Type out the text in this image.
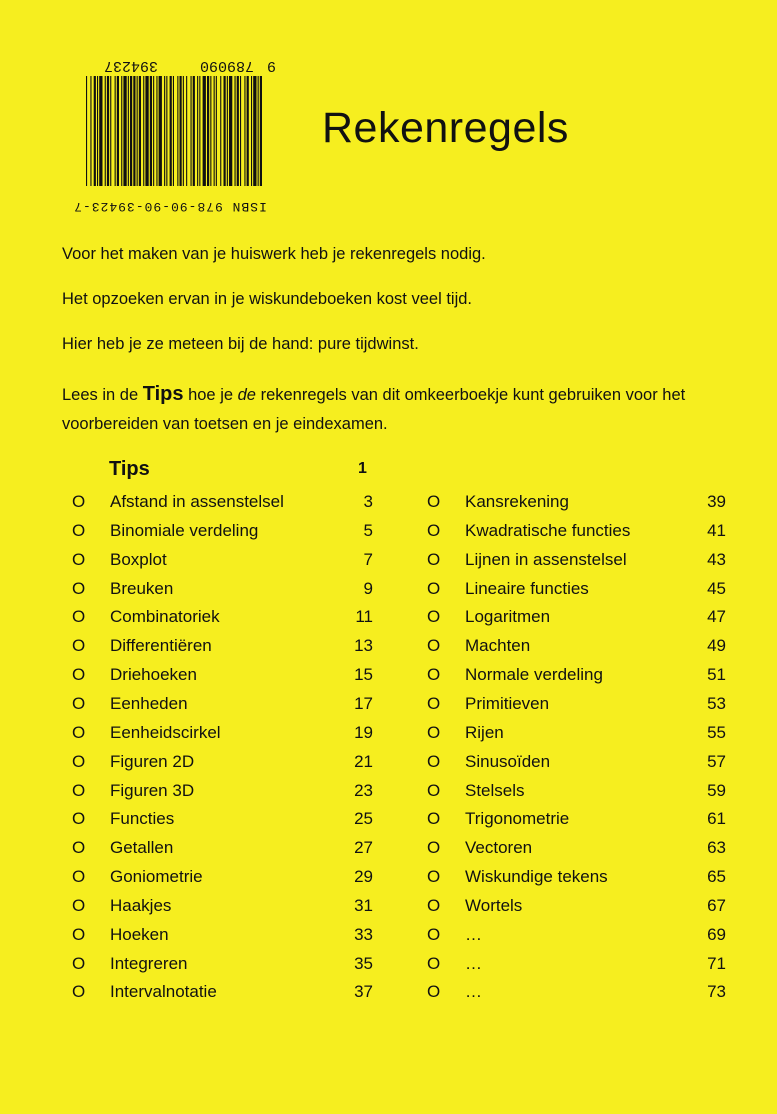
ISBN 978-90-90-39423-7
9
789090
394237
Rekenregels

Voor het maken van je huiswerk heb je rekenregels nodig.

Het opzoeken ervan in je wiskundeboeken kost veel tijd.

Hier heb je ze meteen bij de hand: pure tijdwinst.

Lees in de Tips hoe je de rekenregels van dit omkeerboekje kunt gebruiken voor het voorbereiden van toetsen en je eindexamen.

Tips	1
O Afstand in assenstelsel	3
O Binomiale verdeling	5
O Boxplot	7
O Breuken	9
O Combinatoriek	11
O Differentiëren	13
O Driehoeken	15
O Eenheden	17
O Eenheidscirkel	19
O Figuren 2D	21
O Figuren 3D	23
O Functies	25
O Getallen	27
O Goniometrie	29
O Haakjes	31
O Hoeken	33
O Integreren	35
O Intervalnotatie	37
O Kansrekening	39
O Kwadratische functies	41
O Lijnen in assenstelsel	43
O Lineaire functies	45
O Logaritmen	47
O Machten	49
O Normale verdeling	51
O Primitieven	53
O Rijen	55
O Sinusoïden	57
O Stelsels	59
O Trigonometrie	61
O Vectoren	63
O Wiskundige tekens	65
O Wortels	67
O …	69
O …	71
O …	73
